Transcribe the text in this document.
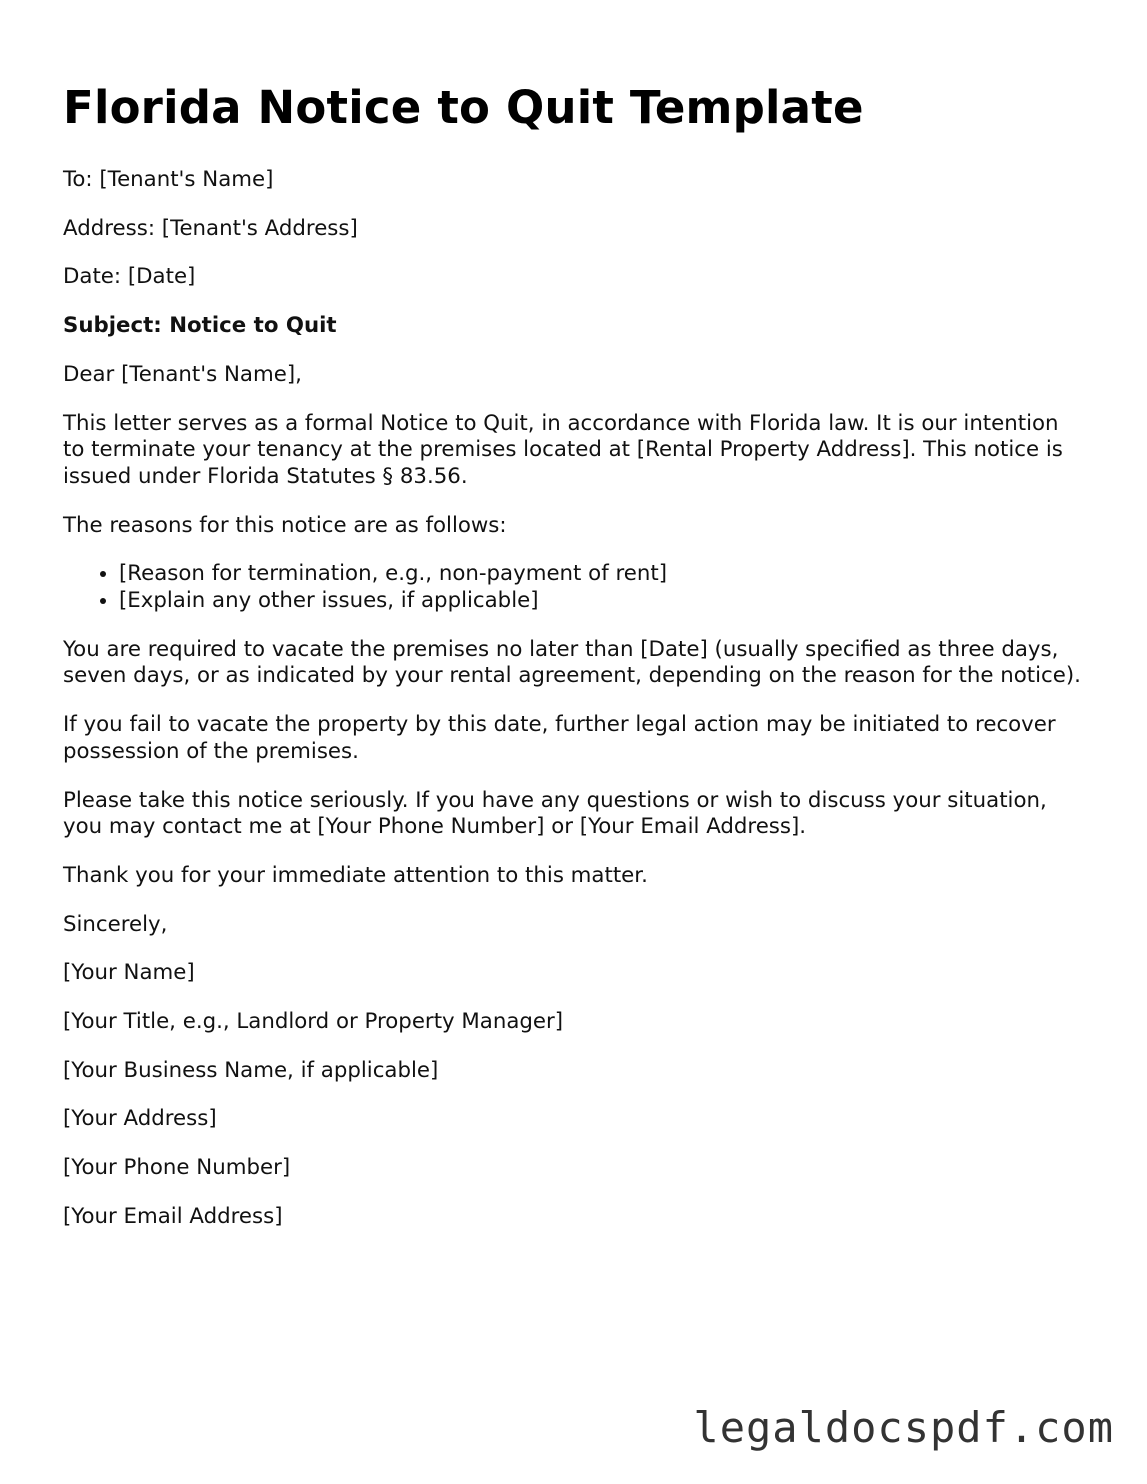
Florida Notice to Quit Template

To: [Tenant's Name]

Address: [Tenant's Address]

Date: [Date]

Subject: Notice to Quit

Dear [Tenant's Name],

This letter serves as a formal Notice to Quit, in accordance with Florida law. It is our intention to terminate your tenancy at the premises located at [Rental Property Address]. This notice is issued under Florida Statutes § 83.56.

The reasons for this notice are as follows:

• [Reason for termination, e.g., non-payment of rent]
• [Explain any other issues, if applicable]

You are required to vacate the premises no later than [Date] (usually specified as three days, seven days, or as indicated by your rental agreement, depending on the reason for the notice).

If you fail to vacate the property by this date, further legal action may be initiated to recover possession of the premises.

Please take this notice seriously. If you have any questions or wish to discuss your situation, you may contact me at [Your Phone Number] or [Your Email Address].

Thank you for your immediate attention to this matter.

Sincerely,

[Your Name]

[Your Title, e.g., Landlord or Property Manager]

[Your Business Name, if applicable]

[Your Address]

[Your Phone Number]

[Your Email Address]

legaldocspdf.com
